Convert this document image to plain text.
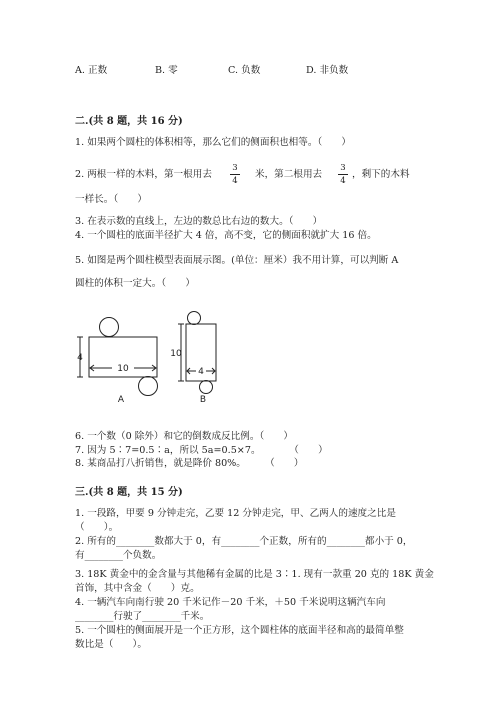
A. 正数	B. 零	C. 负数	D. 非负数
二.(共 8 题，共 16 分)
1. 如果两个圆柱的体积相等，那么它们的侧面积也相等。（　　）
2. 两根一样的木料，第一根用去
3
4
米，第二根用去
3
4
，剩下的木料
一样长。（　　）
3. 在表示数的直线上，左边的数总比右边的数大。（　　）
4. 一个圆柱的底面半径扩大 4 倍，高不变，它的侧面积就扩大 16 倍。
5. 如图是两个圆柱模型表面展示图。(单位：厘米）我不用计算，可以判断 A
圆柱的体积一定大。（　　）
4
10
10
4
A	B
6. 一个数（0 除外）和它的倒数成反比例。（　　）
7. 因为 5∶7=0.5∶a，所以 5a=0.5×7。　　　　（　　）
8. 某商品打八折销售，就是降价 80%。　　　（　　）
三.(共 8 题，共 15 分)
1. 一段路，甲要 9 分钟走完，乙要 12 分钟走完，甲、乙两人的速度之比是
（　　）。
2. 所有的________数都大于 0，有________个正数，所有的________都小于 0，
有________个负数。
3. 18K 黄金中的金含量与其他稀有金属的比是 3∶1. 现有一款重 20 克的 18K 黄金
首饰，其中含金（　　）克。
4. 一辆汽车向南行驶 20 千米记作－20 千米，＋50 千米说明这辆汽车向
________行驶了________千米。
5. 一个圆柱的侧面展开是一个正方形，这个圆柱体的底面半径和高的最简单整
数比是（　　）。
